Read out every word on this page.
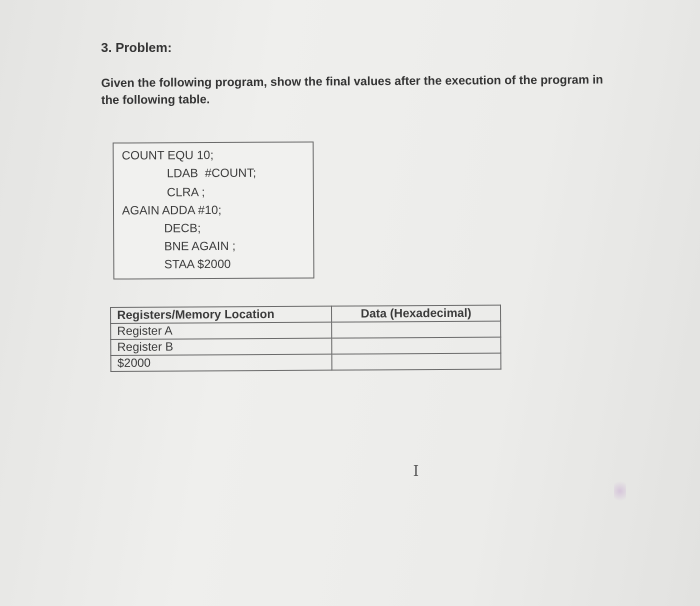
3. Problem:
Given the following program, show the final values after the execution of the program in
the following table.
COUNT EQU 10;
LDAB  #COUNT;
CLRA ;
AGAIN ADDA #10;
DECB;
BNE AGAIN ;
STAA $2000
Registers/Memory Location	Data (Hexadecimal)
Register A	
Register B	
$2000	
I
